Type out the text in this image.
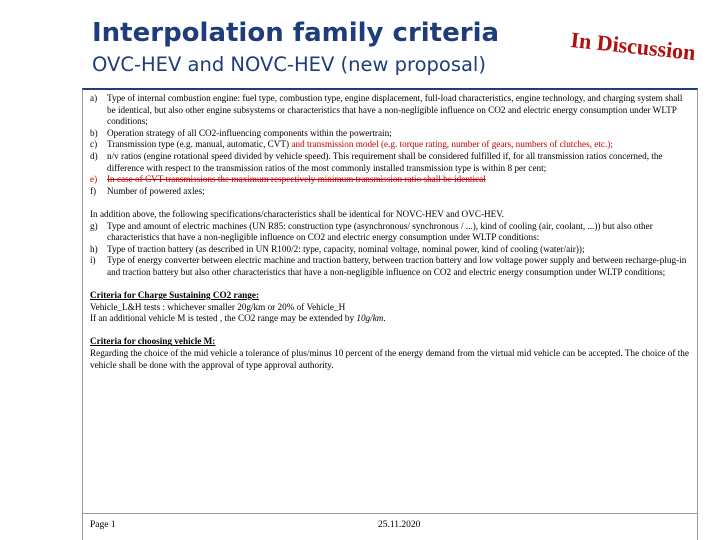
Interpolation family criteria
OVC-HEV and NOVC-HEV (new proposal)	In Discussion
a) Type of internal combustion engine: fuel type, combustion type, engine displacement, full-load characteristics, engine technology, and charging system shall be identical, but also other engine subsystems or characteristics that have a non-negligible influence on CO2 and electric energy consumption under WLTP conditions;
b) Operation strategy of all CO2-influencing components within the powertrain;
c) Transmission type (e.g. manual, automatic, CVT) and transmission model (e.g. torque rating, number of gears, numbers of clutches, etc.);
d) n/v ratios (engine rotational speed divided by vehicle speed). This requirement shall be considered fulfilled if, for all transmission ratios concerned, the difference with respect to the transmission ratios of the most commonly installed transmission type is within 8 per cent;
e) In case of CVT transmissions the maximum respectively minimum transmission ratio shall be identical
f) Number of powered axles;

In addition above, the following specifications/characteristics shall be identical for NOVC-HEV and OVC-HEV.

g) Type and amount of electric machines (UN R85: construction type (asynchronous/ synchronous / ...), kind of cooling (air, coolant, ...)) but also other characteristics that have a non-negligible influence on CO2 and electric energy consumption under WLTP conditions:
h) Type of traction battery (as described in UN R100/2: type, capacity, nominal voltage, nominal power, kind of cooling (water/air));
i) Type of energy converter between electric machine and traction battery, between traction battery and low voltage power supply and between recharge-plug-in and traction battery but also other characteristics that have a non-negligible influence on CO2 and electric energy consumption under WLTP conditions;

Criteria for Charge Sustaining CO2 range:

Vehicle_L&H tests : whichever smaller 20g/km or 20% of Vehicle_H

If an additional vehicle M is tested , the CO2 range may be extended by 10g/km.

Criteria for choosing vehicle M:

Regarding the choice of the mid vehicle a tolerance of plus/minus 10 percent of the energy demand from the virtual mid vehicle can be accepted. The choice of the vehicle shall be done with the approval of type approval authority.

Page 1	25.11.2020
